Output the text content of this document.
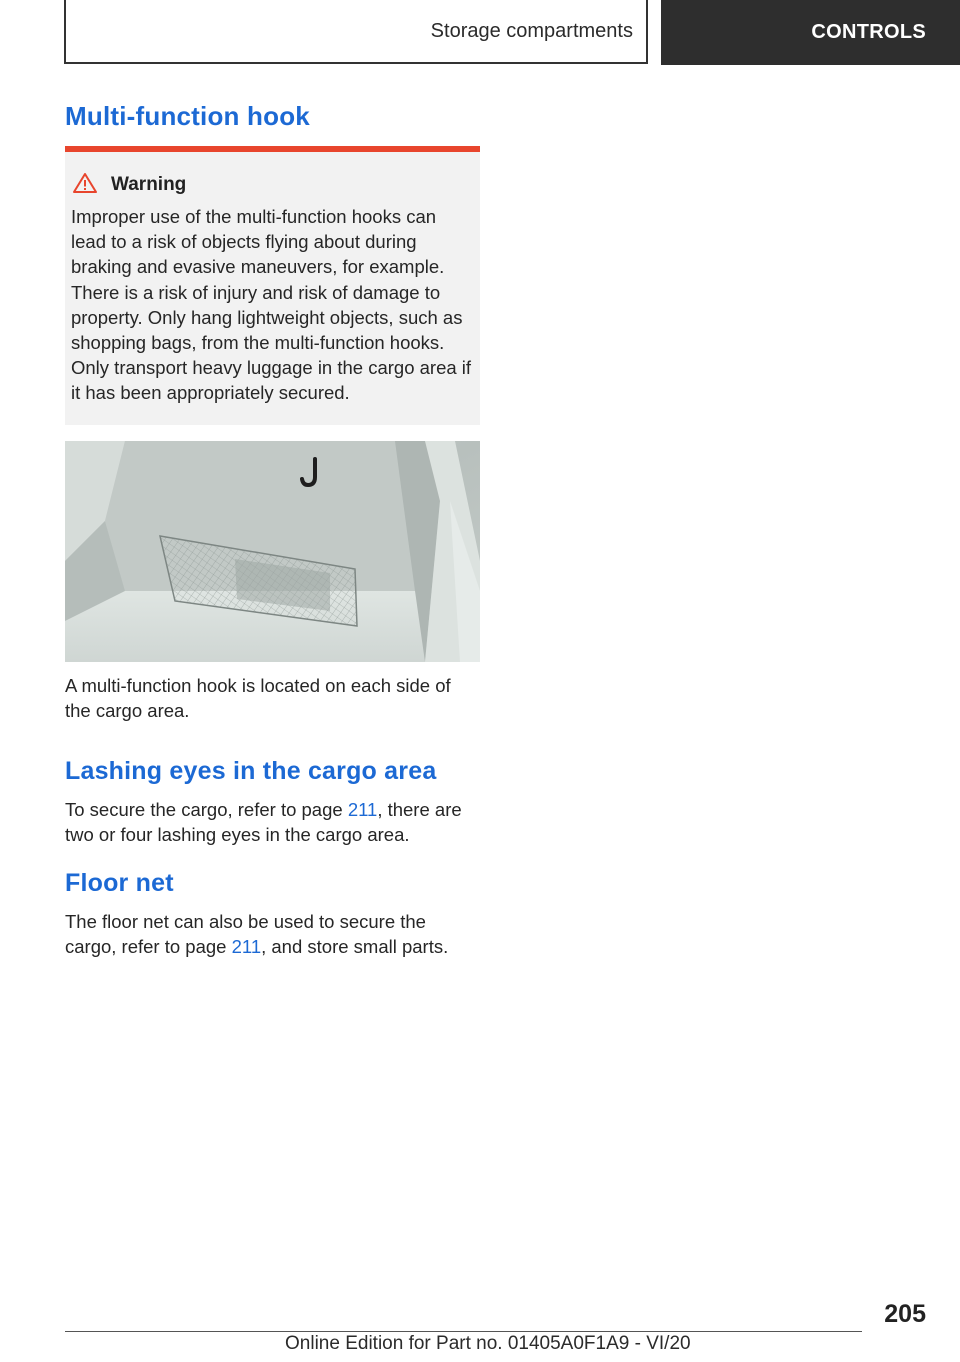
Storage compartments	CONTROLS
Multi-function hook
Warning
Improper use of the multi-function hooks can lead to a risk of objects flying about during braking and evasive maneuvers, for example. There is a risk of injury and risk of damage to property. Only hang lightweight objects, such as shopping bags, from the multi-function hooks. Only transport heavy luggage in the cargo area if it has been appropriately secured.

A multi-function hook is located on each side of the cargo area.

Lashing eyes in the cargo area

To secure the cargo, refer to page 211, there are two or four lashing eyes in the cargo area.

Floor net

The floor net can also be used to secure the cargo, refer to page 211, and store small parts.

205
Online Edition for Part no. 01405A0F1A9 - VI/20
